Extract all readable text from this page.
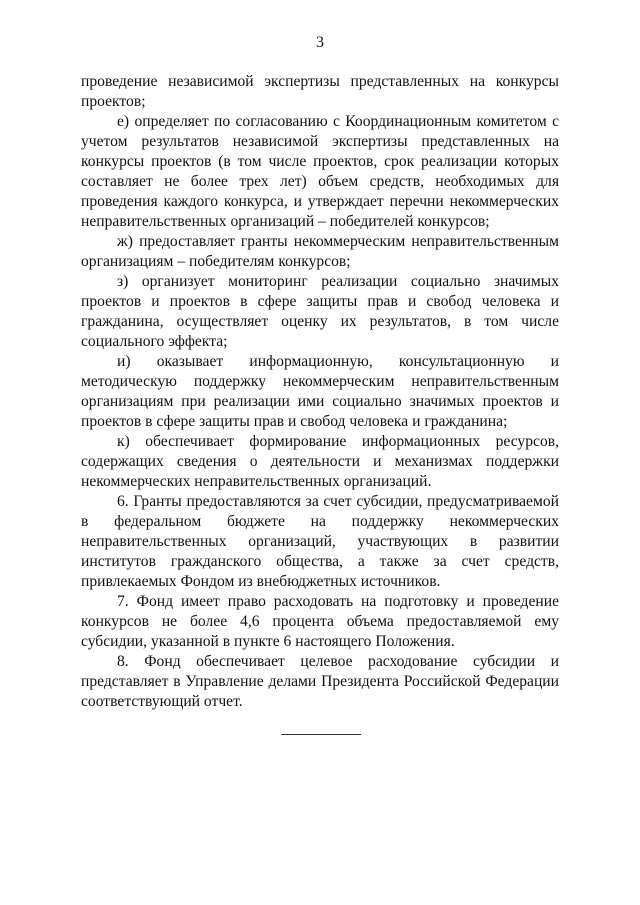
3

проведение независимой экспертизы представленных на конкурсы проектов;

е) определяет по согласованию с Координационным комитетом с учетом результатов независимой экспертизы представленных на конкурсы проектов (в том числе проектов, срок реализации которых составляет не более трех лет) объем средств, необходимых для проведения каждого конкурса, и утверждает перечни некоммерческих неправительственных организаций – победителей конкурсов;

ж) предоставляет гранты некоммерческим неправительственным организациям – победителям конкурсов;

з) организует мониторинг реализации социально значимых проектов и проектов в сфере защиты прав и свобод человека и гражданина, осуществляет оценку их результатов, в том числе социального эффекта;

и) оказывает информационную, консультационную и методическую поддержку некоммерческим неправительственным организациям при реализации ими социально значимых проектов и проектов в сфере защиты прав и свобод человека и гражданина;

к) обеспечивает формирование информационных ресурсов, содержащих сведения о деятельности и механизмах поддержки некоммерческих неправительственных организаций.

6. Гранты предоставляются за счет субсидии, предусматриваемой в федеральном бюджете на поддержку некоммерческих неправительственных организаций, участвующих в развитии институтов гражданского общества, а также за счет средств, привлекаемых Фондом из внебюджетных источников.

7. Фонд имеет право расходовать на подготовку и проведение конкурсов не более 4,6 процента объема предоставляемой ему субсидии, указанной в пункте 6 настоящего Положения.

8. Фонд обеспечивает целевое расходование субсидии и представляет в Управление делами Президента Российской Федерации соответствующий отчет.
